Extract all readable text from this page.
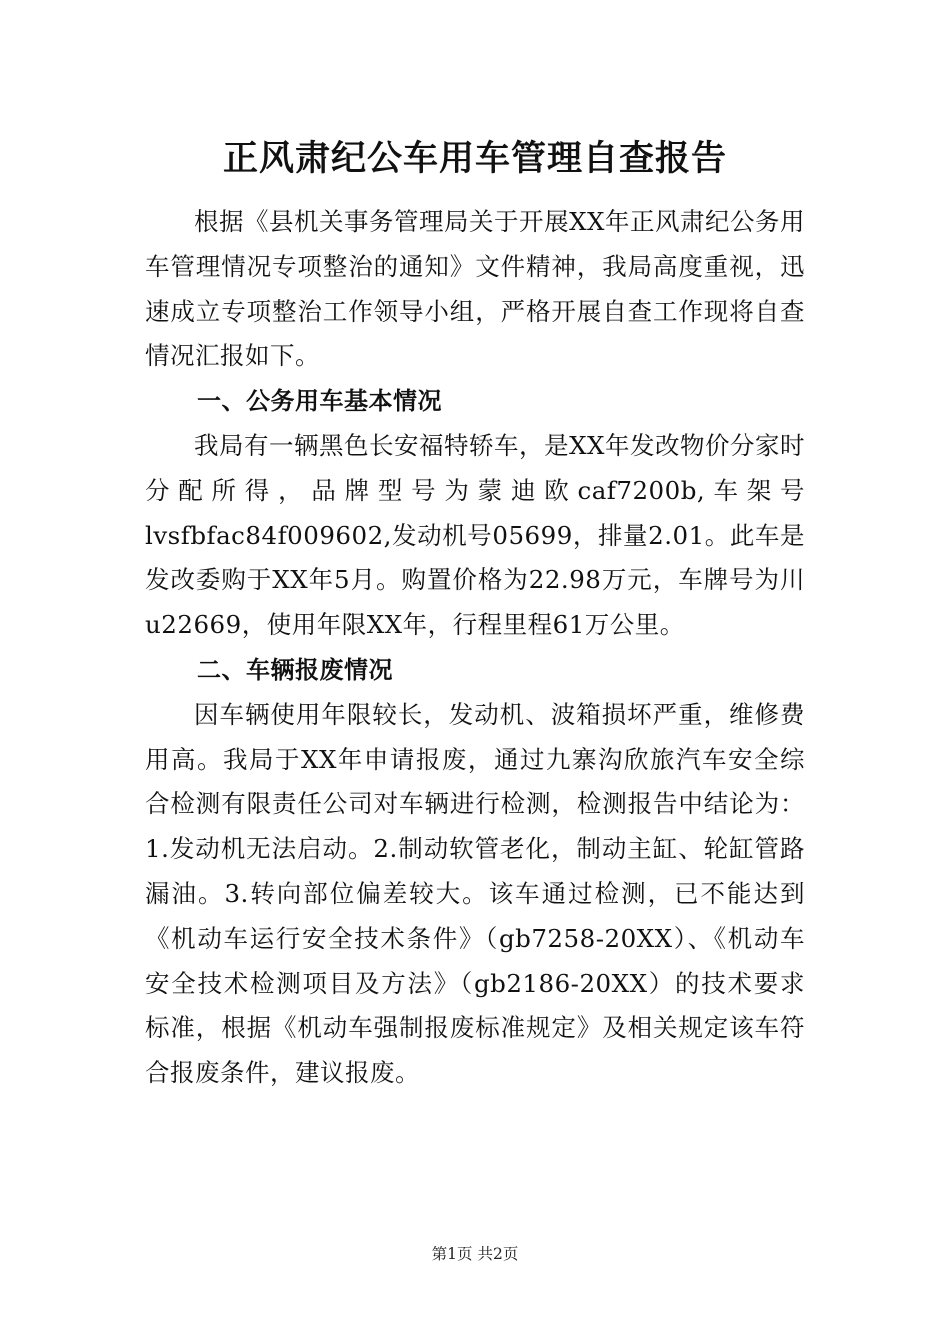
正风肃纪公车用车管理自查报告

根据《县机关事务管理局关于开展XX年正风肃纪公务用车管理情况专项整治的通知》文件精神，我局高度重视，迅速成立专项整治工作领导小组，严格开展自查工作现将自查情况汇报如下。

一、公务用车基本情况

我局有一辆黑色长安福特轿车，是XX年发改物价分家时分配所得，品牌型号为蒙迪欧caf7200b,车架号lvsfbfac84f009602,发动机号05699，排量2.01。此车是发改委购于XX年5月。购置价格为22.98万元，车牌号为川u22669，使用年限XX年，行程里程61万公里。

二、车辆报废情况

因车辆使用年限较长，发动机、波箱损坏严重，维修费用高。我局于XX年申请报废，通过九寨沟欣旅汽车安全综合检测有限责任公司对车辆进行检测，检测报告中结论为：1.发动机无法启动。2.制动软管老化，制动主缸、轮缸管路漏油。3.转向部位偏差较大。该车通过检测，已不能达到《机动车运行安全技术条件》（gb7258-20XX）、《机动车安全技术检测项目及方法》（gb2186-20XX）的技术要求标准，根据《机动车强制报废标准规定》及相关规定该车符合报废条件，建议报废。

第1页 共2页
